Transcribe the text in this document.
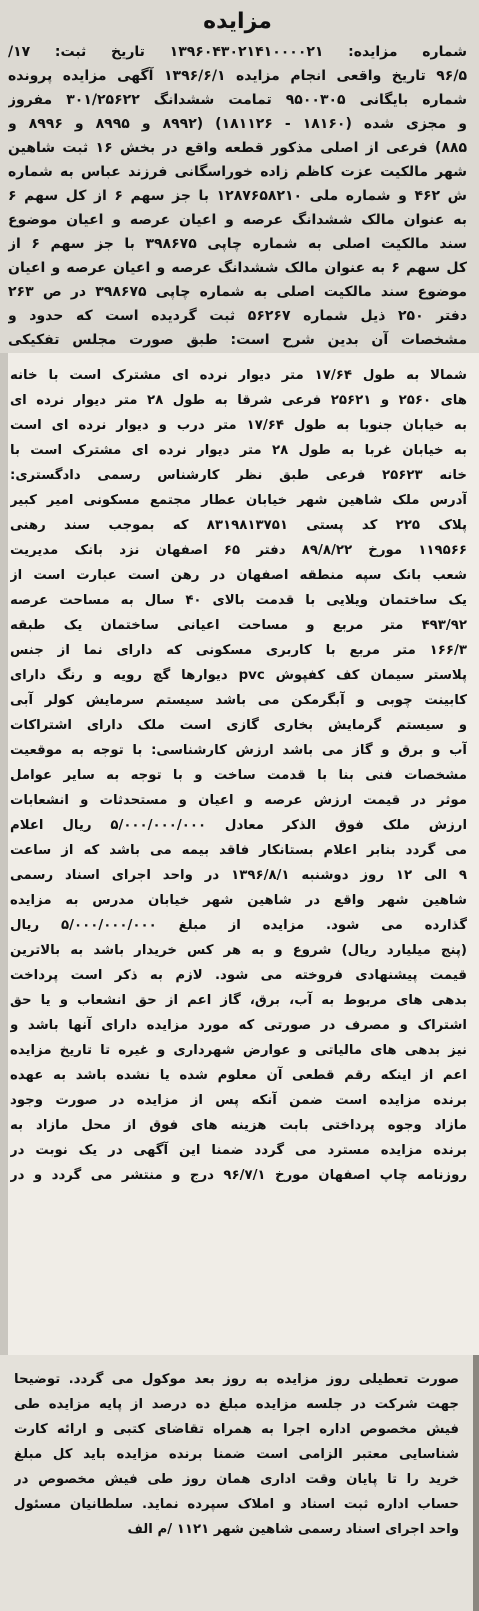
مزایده
شماره مزایده: ۱۳۹۶۰۴۳۰۲۱۴۱۰۰۰۰۲۱ تاریخ ثبت: ۱۷/
۹۶/۵ تاریخ واقعی انجام مزایده ۱۳۹۶/۶/۱ آگهی مزایده پرونده
شماره بایگانی ۹۵۰۰۳۰۵ تمامت ششدانگ ۳۰۱/۲۵۶۲۲ مفروز
و مجزی شده (۱۸۱۶۰ - ۱۸۱۱۲۶) (۸۹۹۲ و ۸۹۹۵ و ۸۹۹۶ و
۸۸۵) فرعی از اصلی مذکور قطعه واقع در بخش ۱۶ ثبت شاهین
شهر مالکیت عزت کاظم زاده خوراسگانی فرزند عباس به شماره
ش ۴۶۲ و شماره ملی ۱۲۸۷۶۵۸۲۱۰ با جز سهم ۶ از کل سهم ۶
به عنوان مالک ششدانگ عرصه و اعیان عرصه و اعیان موضوع
سند مالکیت اصلی به شماره چاپی ۳۹۸۶۷۵ با جز سهم ۶ از
کل سهم ۶ به عنوان مالک ششدانگ عرصه و اعیان عرصه و اعیان
موضوع سند مالکیت اصلی به شماره چاپی ۳۹۸۶۷۵ در ص ۲۶۳
دفتر ۲۵۰ ذیل شماره ۵۶۲۶۷ ثبت گردیده است که حدود و
مشخصات آن بدین شرح است: طبق صورت مجلس تفکیکی
شمالا به طول ۱۷/۶۴ متر دیوار نرده ای مشترک است با خانه
های ۲۵۶۰ و ۲۵۶۲۱ فرعی شرقا به طول ۲۸ متر دیوار نرده ای
به خیابان جنوبا به طول ۱۷/۶۴ متر درب و دیوار نرده ای است
به خیابان غربا به طول ۲۸ متر دیوار نرده ای مشترک است با
خانه ۲۵۶۲۳ فرعی طبق نظر کارشناس رسمی دادگستری:
آدرس ملک شاهین شهر خیابان عطار مجتمع مسکونی امیر کبیر
پلاک ۲۲۵ کد پستی ۸۳۱۹۸۱۳۷۵۱ که بموجب سند رهنی
۱۱۹۵۶۶ مورخ ۸۹/۸/۲۲ دفتر ۶۵ اصفهان نزد بانک مدیریت
شعب بانک سپه منطقه اصفهان در رهن است عبارت است از
یک ساختمان ویلایی با قدمت بالای ۴۰ سال به مساحت عرصه
۴۹۳/۹۲ متر مربع و مساحت اعیانی ساختمان یک طبقه
۱۶۶/۳ متر مربع با کاربری مسکونی که دارای نما از جنس
پلاستر سیمان کف کفپوش pvc دیوارها گچ رویه و رنگ دارای
کابینت چوبی و آبگرمکن می باشد سیستم سرمایش کولر آبی
و سیستم گرمایش بخاری گازی است ملک دارای اشتراکات
آب و برق و گاز می باشد ارزش کارشناسی: با توجه به موقعیت
مشخصات فنی بنا با قدمت ساخت و با توجه به سایر عوامل
موثر در قیمت ارزش عرصه و اعیان و مستحدثات و انشعابات
ارزش ملک فوق الذکر معادل ۵/۰۰۰/۰۰۰/۰۰۰ ریال اعلام
می گردد بنابر اعلام بستانکار فاقد بیمه می باشد که از ساعت
۹ الی ۱۲ روز دوشنبه ۱۳۹۶/۸/۱ در واحد اجرای اسناد رسمی
شاهین شهر واقع در شاهین شهر خیابان مدرس به مزایده
گذارده می شود. مزایده از مبلغ ۵/۰۰۰/۰۰۰/۰۰۰ ریال
(پنج میلیارد ریال) شروع و به هر کس خریدار باشد به بالاترین
قیمت پیشنهادی فروخته می شود. لازم به ذکر است پرداخت
بدهی های مربوط به آب، برق، گاز اعم از حق انشعاب و یا حق
اشتراک و مصرف در صورتی که مورد مزایده دارای آنها باشد و
نیز بدهی های مالیاتی و عوارض شهرداری و غیره تا تاریخ مزایده
اعم از اینکه رقم قطعی آن معلوم شده یا نشده باشد به عهده
برنده مزایده است ضمن آنکه پس از مزایده در صورت وجود
مازاد وجوه پرداختی بابت هزینه های فوق از محل مازاد به
برنده مزایده مسترد می گردد ضمنا این آگهی در یک نوبت در
روزنامه چاپ اصفهان مورخ ۹۶/۷/۱ درج و منتشر می گردد و در
صورت تعطیلی روز مزایده به روز بعد موکول می گردد. توضیحا
جهت شرکت در جلسه مزایده مبلغ ده درصد از پایه مزایده طی
فیش مخصوص اداره اجرا به همراه تقاضای کتبی و ارائه کارت
شناسایی معتبر الزامی است ضمنا برنده مزایده باید کل مبلغ
خرید را تا پایان وقت اداری همان روز طی فیش مخصوص در
حساب اداره ثبت اسناد و املاک سپرده نماید. سلطانیان مسئول
واحد اجرای اسناد رسمی شاهین شهر ۱۱۲۱ /م الف
